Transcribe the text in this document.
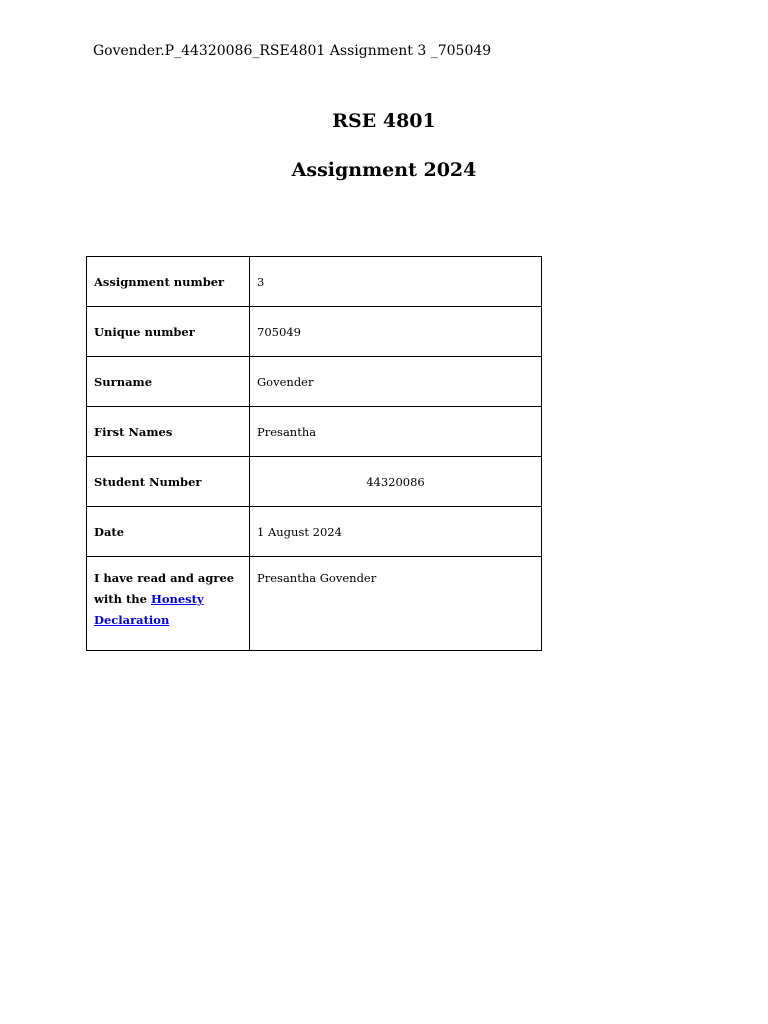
Govender.P_44320086_RSE4801 Assignment 3 _705049
RSE 4801
Assignment 2024
Assignment number	3
Unique number	705049
Surname	Govender
First Names	Presantha
Student Number	44320086
Date	1 August 2024
I have read and agree with the Honesty Declaration	Presantha Govender
